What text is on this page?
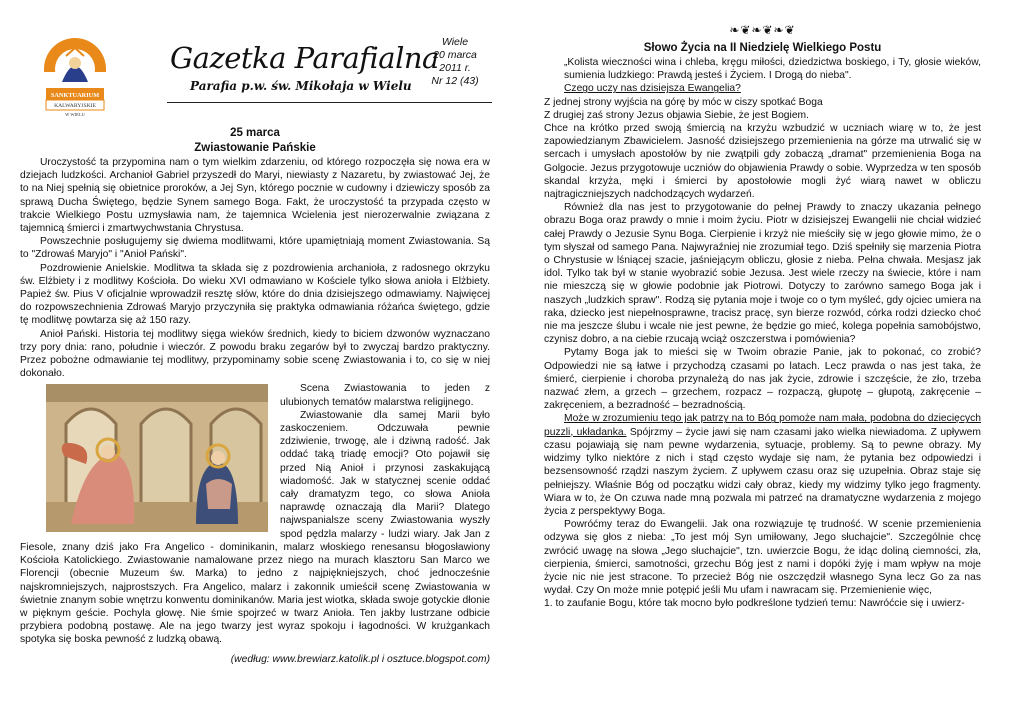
SANKTUARIUM
KALWARYJSKIE
W WIELU
Gazetka Parafialna
Parafia p.w. św. Mikołaja w Wielu
Wiele
20 marca
2011 r.
Nr 12 (43)
25 marca
Zwiastowanie Pańskie

Uroczystość ta przypomina nam o tym wielkim zdarzeniu, od którego rozpoczęła się nowa era w dziejach ludzkości. Archanioł Gabriel przyszedł do Maryi, niewiasty z Nazaretu, by zwiastować Jej, że to na Niej spełnią się obietnice proroków, a Jej Syn, którego pocznie w cudowny i dziewiczy sposób za sprawą Ducha Świętego, będzie Synem samego Boga. Fakt, że uroczystość ta przypada często w trakcie Wielkiego Postu uzmysławia nam, że tajemnica Wcielenia jest nierozerwalnie związana z tajemnicą śmierci i zmartwychwstania Chrystusa.

Powszechnie posługujemy się dwiema modlitwami, które upamiętniają moment Zwiastowania. Są to "Zdrowaś Maryjo" i "Anioł Pański".

Pozdrowienie Anielskie. Modlitwa ta składa się z pozdrowienia archanioła, z radosnego okrzyku św. Elżbiety i z modlitwy Kościoła. Do wieku XVI odmawiano w Kościele tylko słowa anioła i Elżbiety. Papież św. Pius V oficjalnie wprowadził resztę słów, które do dnia dzisiejszego odmawiamy. Najwięcej do rozpowszechnienia Zdrowaś Maryjo przyczyniła się praktyka odmawiania różańca świętego, gdzie tę modlitwę powtarza się aż 150 razy.

Anioł Pański. Historia tej modlitwy sięga wieków średnich, kiedy to biciem dzwonów wyznaczano trzy pory dnia: rano, południe i wieczór. Z powodu braku zegarów był to zwyczaj bardzo praktyczny. Przez pobożne odmawianie tej modlitwy, przypominamy sobie scenę Zwiastowania i to, co się w niej dokonało.

Scena Zwiastowania to jeden z ulubionych tematów malarstwa religijnego.

Zwiastowanie dla samej Marii było zaskoczeniem. Odczuwała pewnie zdziwienie, trwogę, ale i dziwną radość. Jak oddać taką triadę emocji? Oto pojawił się przed Nią Anioł i przynosi zaskakującą wiadomość. Jak w statycznej scenie oddać cały dramatyzm tego, co słowa Anioła naprawdę oznaczają dla Marii? Dlatego najwspanialsze sceny Zwiastowania wyszły spod pędzla malarzy - ludzi wiary. Jak Jan z Fiesole, znany dziś jako Fra Angelico - dominikanin, malarz włoskiego renesansu błogosławiony Kościoła Katolickiego. Zwiastowanie namalowane przez niego na murach klasztoru San Marco we Florencji (obecnie Muzeum św. Marka) to jedno z najpiękniejszych, choć jednocześnie najskromniejszych, najprostszych. Fra Angelico, malarz i zakonnik umieścił scenę Zwiastowania w świetnie znanym sobie wnętrzu konwentu dominikanów. Maria jest wiotka, składa swoje gotyckie dłonie w pięknym geście. Pochyla głowę. Nie śmie spojrzeć w twarz Anioła. Ten jakby lustrzane odbicie przybiera podobną postawę. Ale na jego twarzy jest wyraz spokoju i łagodności. W krużgankach spotyka się boska pewność z ludzką obawą.

(według: www.brewiarz.katolik.pl i osztuce.blogspot.com)
❧❦❧❦❧❦
Słowo Życia na II Niedzielę Wielkiego Postu

„Kolista wieczności wina i chleba, kręgu miłości, dziedzictwa boskiego, i Ty, głosie wieków, sumienia ludzkiego: Prawdą jesteś i Życiem. I Drogą do nieba".

Czego uczy nas dzisiejsza Ewangelia?

Z jednej strony wyjścia na górę by móc w ciszy spotkać Boga

Z drugiej zaś strony Jezus objawia Siebie, że jest Bogiem.

Chce na krótko przed swoją śmiercią na krzyżu wzbudzić w uczniach wiarę w to, że jest zapowiedzianym Zbawicielem. Jasność dzisiejszego przemienienia na górze ma utrwalić się w sercach i umysłach apostołów by nie zwątpili gdy zobaczą „dramat" przemienienia Boga na Golgocie. Jezus przygotowuje uczniów do objawienia Prawdy o sobie. Wyprzedza w ten sposób skandal krzyża, męki i śmierci by apostołowie mogli żyć wiarą nawet w obliczu najtragiczniejszych nadchodzących wydarzeń.

Również dla nas jest to przygotowanie do pełnej Prawdy to znaczy ukazania pełnego obrazu Boga oraz prawdy o mnie i moim życiu. Piotr w dzisiejszej Ewangelii nie chciał widzieć całej Prawdy o Jezusie Synu Boga. Cierpienie i krzyż nie mieściły się w jego głowie mimo, że o tym słyszał od samego Pana. Najwyraźniej nie zrozumiał tego. Dziś spełniły się marzenia Piotra o Chrystusie w lśniącej szacie, jaśniejącym obliczu, głosie z nieba. Pełna chwała. Mesjasz jak idol. Tylko tak był w stanie wyobrazić sobie Jezusa. Jest wiele rzeczy na świecie, które i nam nie mieszczą się w głowie podobnie jak Piotrowi. Dotyczy to zarówno samego Boga jak i naszych „ludzkich spraw". Rodzą się pytania moje i twoje co o tym myśleć, gdy ojciec umiera na raka, dziecko jest niepełnosprawne, tracisz pracę, syn bierze rozwód, córka rodzi dziecko choć nie ma jeszcze ślubu i wcale nie jest pewne, że będzie go mieć, kolega popełnia samobójstwo, czynisz dobro, a na ciebie rzucają wciąż oszczerstwa i pomówienia?

Pytamy Boga jak to mieści się w Twoim obrazie Panie, jak to pokonać, co zrobić? Odpowiedzi nie są łatwe i przychodzą czasami po latach. Lecz prawda o nas jest taka, że śmierć, cierpienie i choroba przynależą do nas jak życie, zdrowie i szczęście, że zło, trzeba nazwać złem, a grzech – grzechem, rozpacz – rozpaczą, głupotę – głupotą, zakręcenie – zakręceniem, a bezradność – bezradnością.

Może w zrozumieniu tego jak patrzy na to Bóg pomoże nam mała, podobna do dziecięcych puzzli, układanka. Spójrzmy – życie jawi się nam czasami jako wielka niewiadoma. Z upływem czasu pojawiają się nam pewne wydarzenia, sytuacje, problemy. Są to pewne obrazy. My widzimy tylko niektóre z nich i stąd często wydaje się nam, że pytania bez odpowiedzi i bezsensowność rządzi naszym życiem. Z upływem czasu oraz się uzupełnia. Obraz staje się pełniejszy. Właśnie Bóg od początku widzi cały obraz, kiedy my widzimy tylko jego fragmenty. Wiara w to, że On czuwa nade mną pozwala mi patrzeć na dramatyczne wydarzenia z mojego życia z perspektywy Boga.

Powróćmy teraz do Ewangelii. Jak ona rozwiązuje tę trudność. W scenie przemienienia odzywa się głos z nieba: „To jest mój Syn umiłowany, Jego słuchajcie". Szczególnie chcę zwrócić uwagę na słowa „Jego słuchajcie", tzn. uwierzcie Bogu, że idąc doliną ciemności, zła, cierpienia, śmierci, samotności, grzechu Bóg jest z nami i dopóki żyję i mam wpływ na moje życie nic nie jest stracone. To przecież Bóg nie oszczędził własnego Syna lecz Go za nas wydał. Czy On może mnie potępić jeśli Mu ufam i nawracam się. Przemienienie więc,

1. to zaufanie Bogu, które tak mocno było podkreślone tydzień temu: Nawróćcie się i uwierz-
